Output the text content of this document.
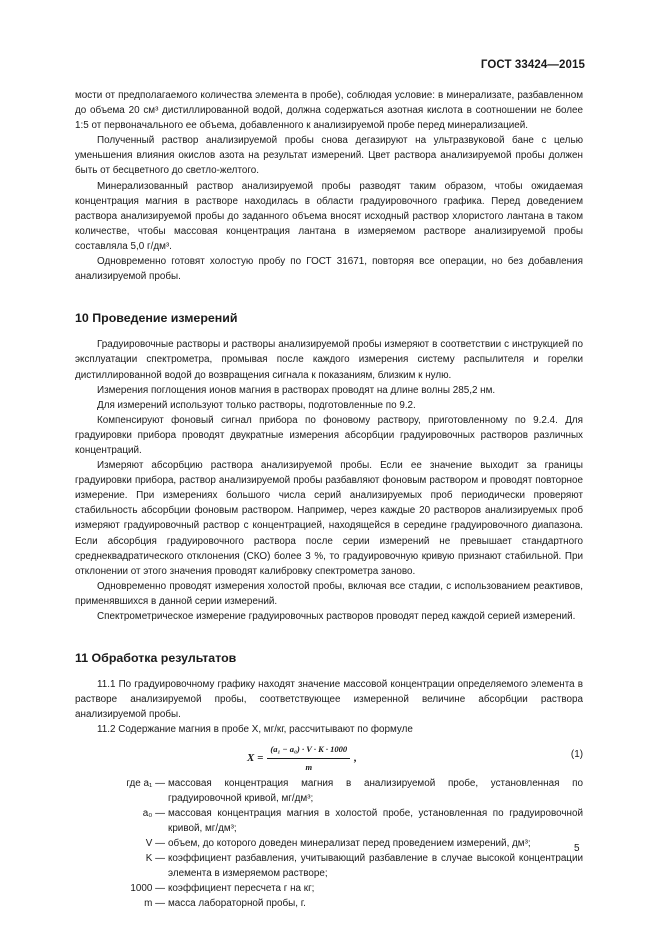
ГОСТ 33424—2015

мости от предполагаемого количества элемента в пробе), соблюдая условие: в минерализате, разбавленном до объема 20 см³ дистиллированной водой, должна содержаться азотная кислота в соотношении не более 1:5 от первоначального ее объема, добавленного к анализируемой пробе перед минерализацией.

Полученный раствор анализируемой пробы снова дегазируют на ультразвуковой бане с целью уменьшения влияния окислов азота на результат измерений. Цвет раствора анализируемой пробы должен быть от бесцветного до светло-желтого.

Минерализованный раствор анализируемой пробы разводят таким образом, чтобы ожидаемая концентрация магния в растворе находилась в области градуировочного графика. Перед доведением раствора анализируемой пробы до заданного объема вносят исходный раствор хлористого лантана в таком количестве, чтобы массовая концентрация лантана в измеряемом растворе анализируемой пробы составляла 5,0 г/дм³.

Одновременно готовят холостую пробу по ГОСТ 31671, повторяя все операции, но без добавления анализируемой пробы.

10 Проведение измерений

Градуировочные растворы и растворы анализируемой пробы измеряют в соответствии с инструкцией по эксплуатации спектрометра, промывая после каждого измерения систему распылителя и горелки дистиллированной водой до возвращения сигнала к показаниям, близким к нулю.

Измерения поглощения ионов магния в растворах проводят на длине волны 285,2 нм.

Для измерений используют только растворы, подготовленные по 9.2.

Компенсируют фоновый сигнал прибора по фоновому раствору, приготовленному по 9.2.4. Для градуировки прибора проводят двукратные измерения абсорбции градуировочных растворов различных концентраций.

Измеряют абсорбцию раствора анализируемой пробы. Если ее значение выходит за границы градуировки прибора, раствор анализируемой пробы разбавляют фоновым раствором и проводят повторное измерение. При измерениях большого числа серий анализируемых проб периодически проверяют стабильность абсорбции фоновым раствором. Например, через каждые 20 растворов анализируемых проб измеряют градуировочный раствор с концентрацией, находящейся в середине градуировочного диапазона. Если абсорбция градуировочного раствора после серии измерений не превышает стандартного среднеквадратического отклонения (СКО) более 3 %, то градуировочную кривую признают стабильной. При отклонении от этого значения проводят калибровку спектрометра заново.

Одновременно проводят измерения холостой пробы, включая все стадии, с использованием реактивов, применявшихся в данной серии измерений.

Спектрометрическое измерение градуировочных растворов проводят перед каждой серией измерений.

11 Обработка результатов

11.1 По градуировочному графику находят значение массовой концентрации определяемого элемента в растворе анализируемой пробы, соответствующее измеренной величине абсорбции раствора анализируемой пробы.

11.2 Содержание магния в пробе X, мг/кг, рассчитывают по формуле

$X = \frac{\text{(a₁ − a₀) · V · K · 1000}}{m}$ ,	(1)
где a₁ — массовая концентрация магния в анализируемой пробе, установленная по градуировочной кривой, мг/дм³;
a₀ — массовая концентрация магния в холостой пробе, установленная по градуировочной кривой, мг/дм³;
V — объем, до которого доведен минерализат перед проведением измерений, дм³;
K — коэффициент разбавления, учитывающий разбавление в случае высокой концентрации элемента в измеряемом растворе;
1000 — коэффициент пересчета г на кг;
m — масса лабораторной пробы, г.
5
